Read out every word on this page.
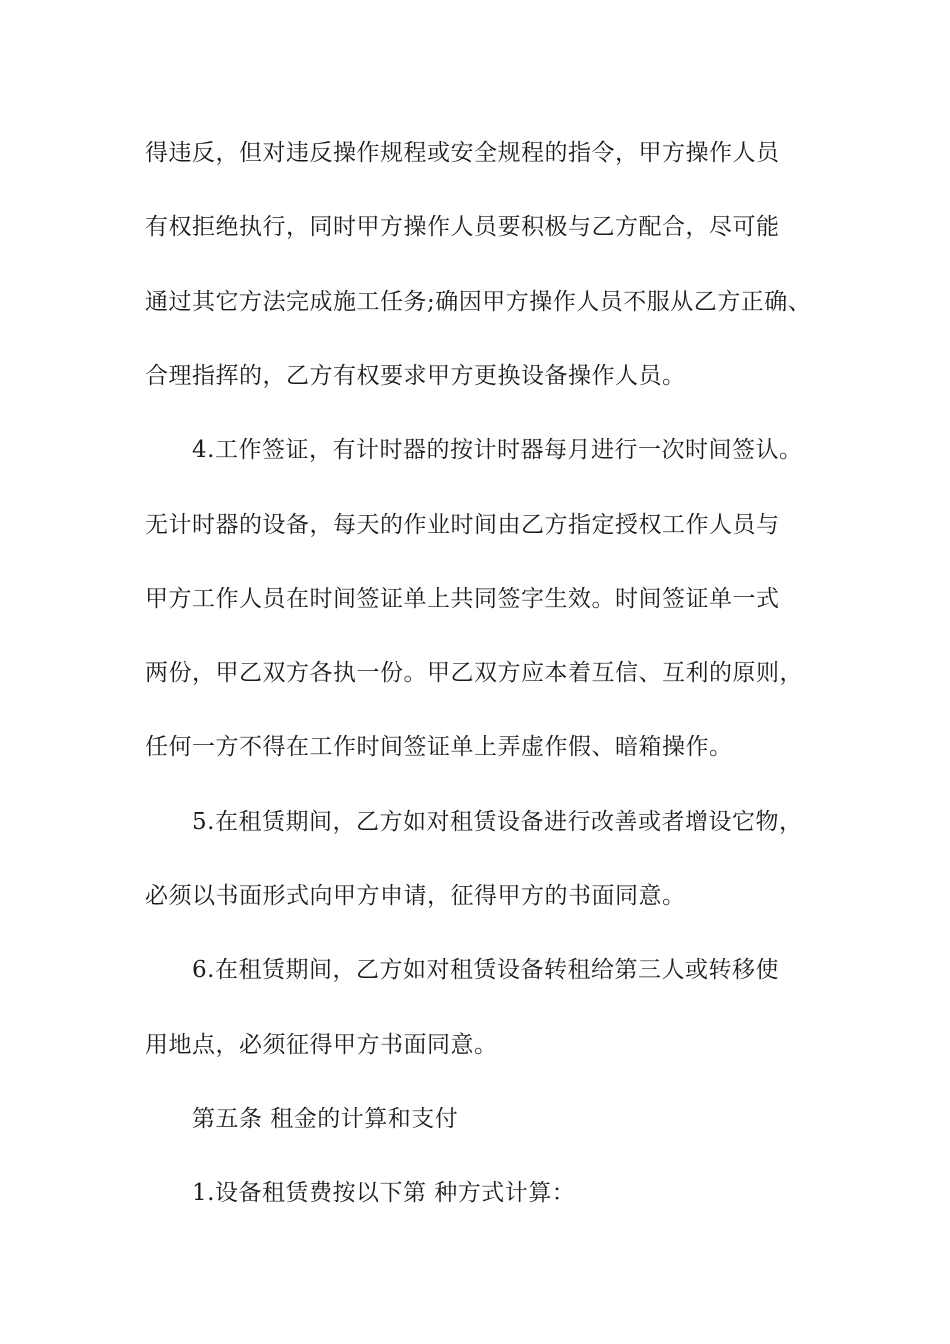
得违反，但对违反操作规程或安全规程的指令，甲方操作人员
有权拒绝执行，同时甲方操作人员要积极与乙方配合，尽可能
通过其它方法完成施工任务;确因甲方操作人员不服从乙方正确、
合理指挥的，乙方有权要求甲方更换设备操作人员。
4.工作签证，有计时器的按计时器每月进行一次时间签认。
无计时器的设备，每天的作业时间由乙方指定授权工作人员与
甲方工作人员在时间签证单上共同签字生效。时间签证单一式
两份，甲乙双方各执一份。甲乙双方应本着互信、互利的原则，
任何一方不得在工作时间签证单上弄虚作假、暗箱操作。
5.在租赁期间，乙方如对租赁设备进行改善或者增设它物，
必须以书面形式向甲方申请，征得甲方的书面同意。
6.在租赁期间，乙方如对租赁设备转租给第三人或转移使
用地点，必须征得甲方书面同意。
第五条 租金的计算和支付
1.设备租赁费按以下第 种方式计算：
